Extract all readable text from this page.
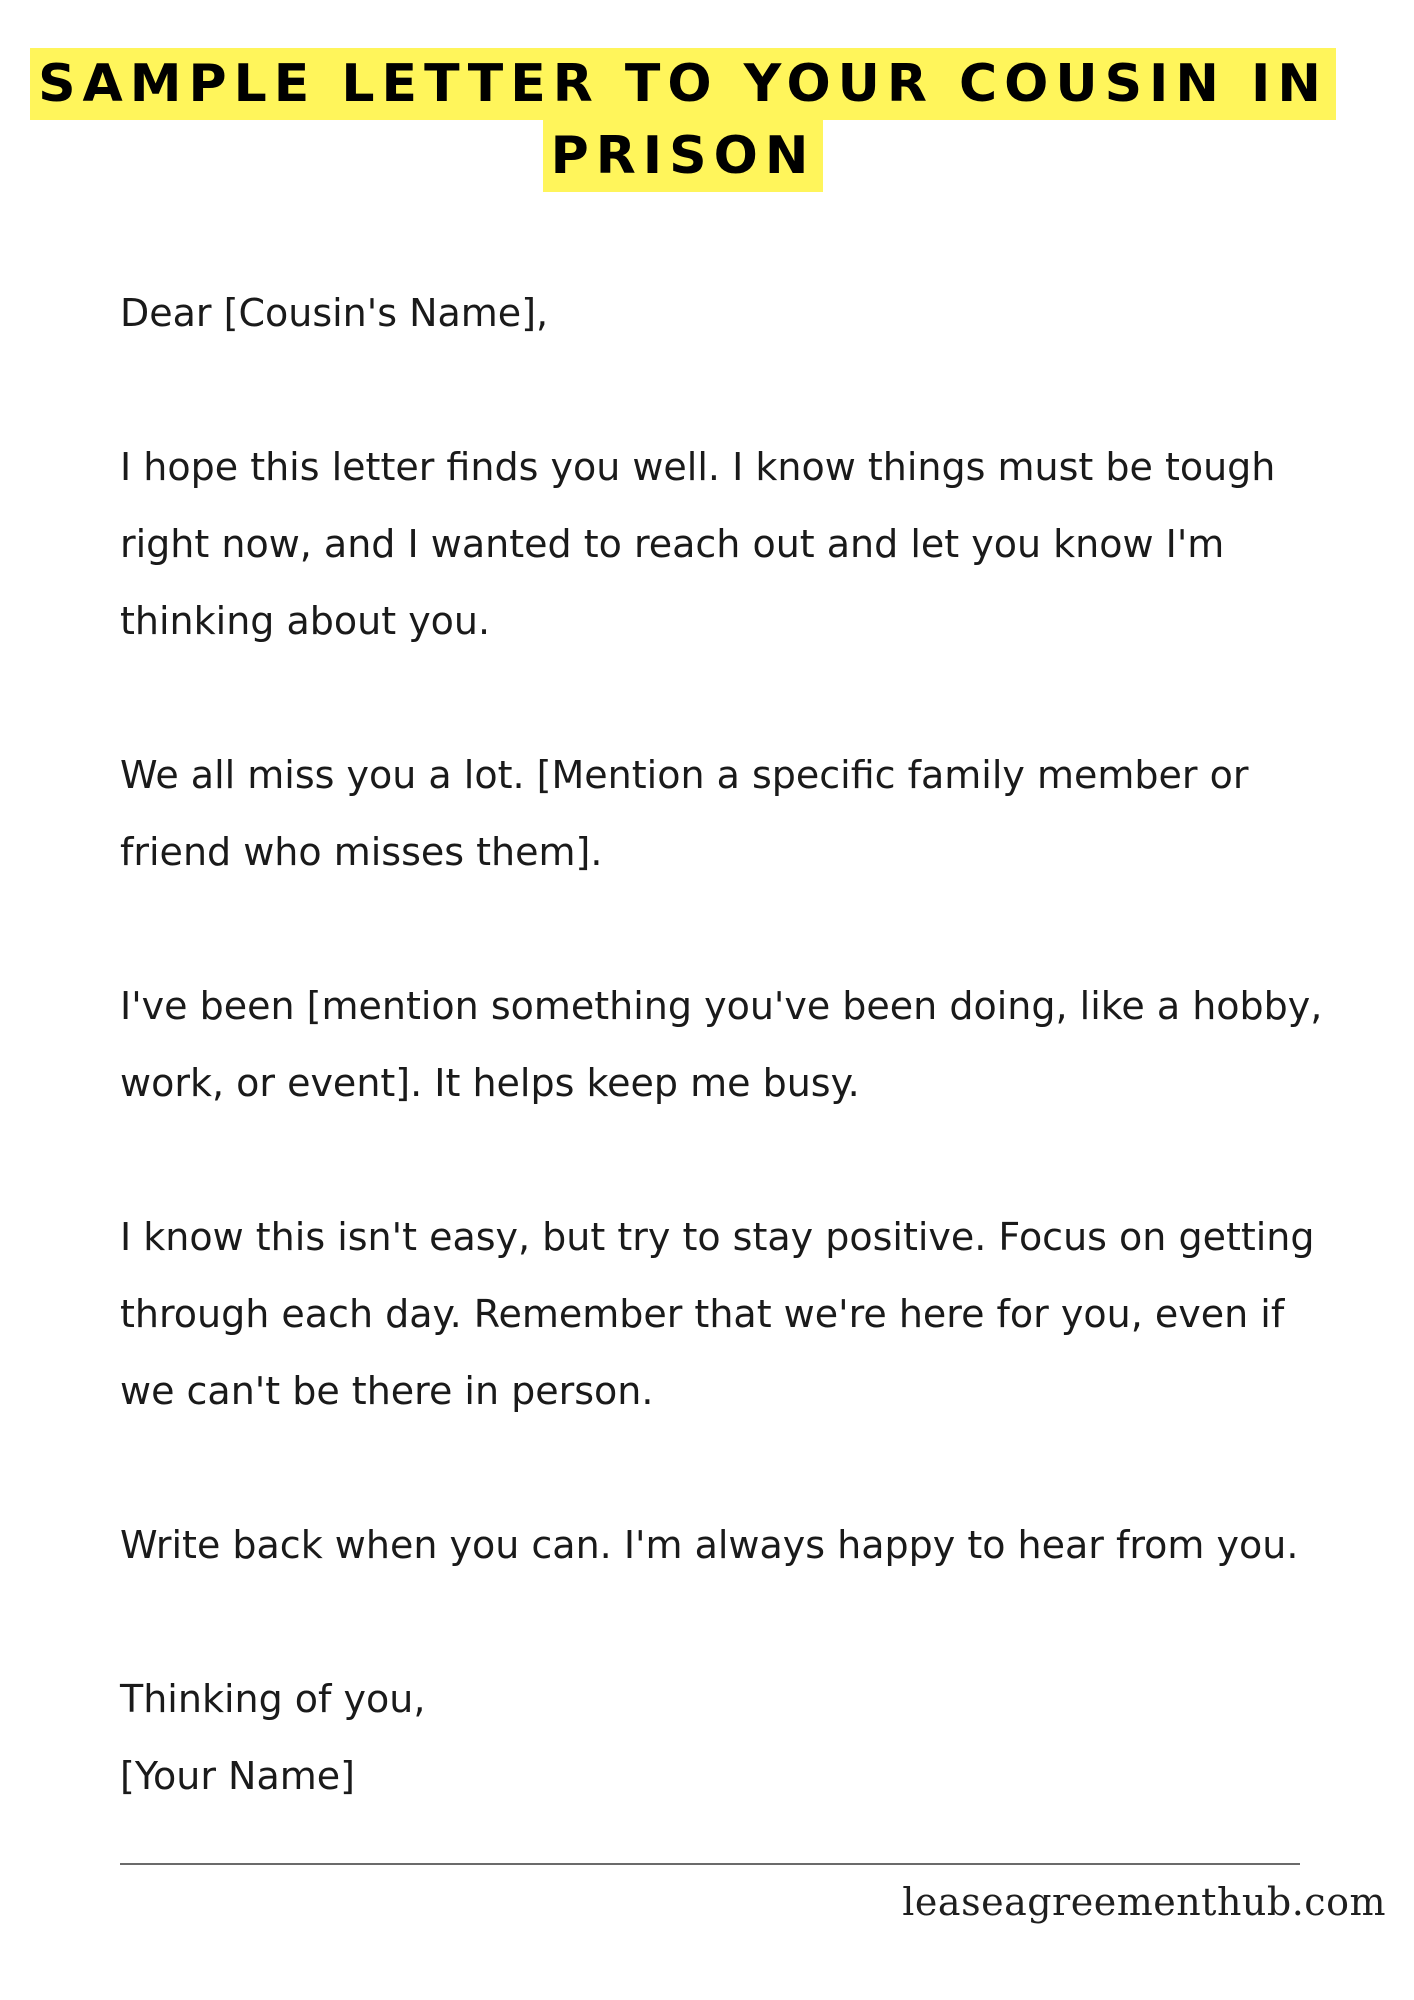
SAMPLE LETTER TO YOUR COUSIN IN
PRISON

Dear [Cousin's Name],

I hope this letter finds you well. I know things must be tough right now, and I wanted to reach out and let you know I'm thinking about you.

We all miss you a lot. [Mention a specific family member or friend who misses them].

I've been [mention something you've been doing, like a hobby, work, or event]. It helps keep me busy.

I know this isn't easy, but try to stay positive. Focus on getting through each day. Remember that we're here for you, even if we can't be there in person.

Write back when you can. I'm always happy to hear from you.

Thinking of you,

[Your Name]

leaseagreementhub.com
